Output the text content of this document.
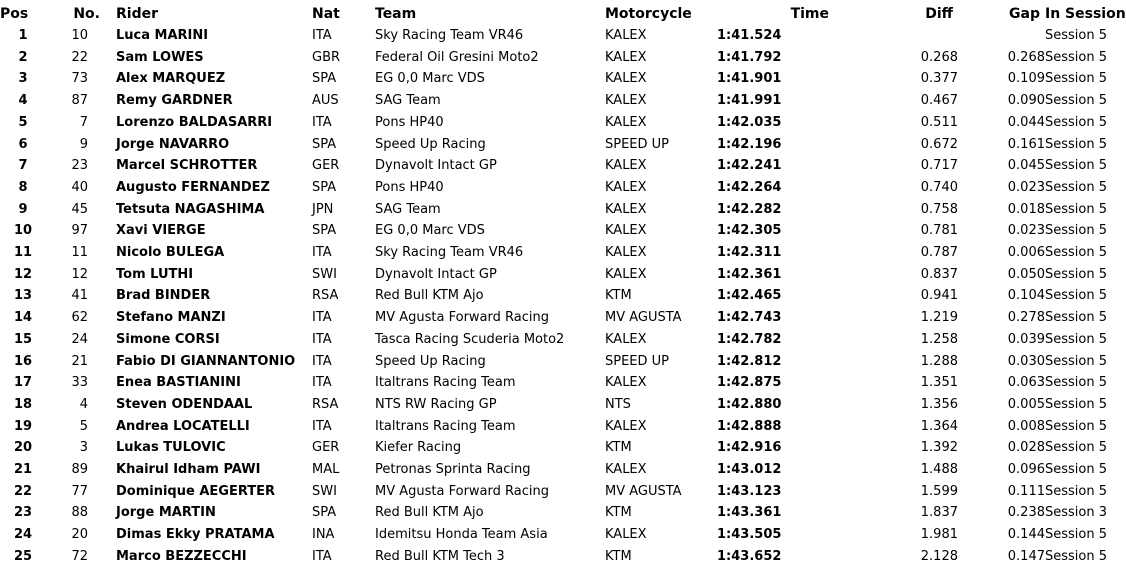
Pos	No.	Rider	Nat	Team	Motorcycle	Time	Diff	Gap	In Session
1	10	Luca MARINI	ITA	Sky Racing Team VR46	KALEX	1:41.524			Session 5
2	22	Sam LOWES	GBR	Federal Oil Gresini Moto2	KALEX	1:41.792	0.268	0.268	Session 5
3	73	Alex MARQUEZ	SPA	EG 0,0 Marc VDS	KALEX	1:41.901	0.377	0.109	Session 5
4	87	Remy GARDNER	AUS	SAG Team	KALEX	1:41.991	0.467	0.090	Session 5
5	7	Lorenzo BALDASARRI	ITA	Pons HP40	KALEX	1:42.035	0.511	0.044	Session 5
6	9	Jorge NAVARRO	SPA	Speed Up Racing	SPEED UP	1:42.196	0.672	0.161	Session 5
7	23	Marcel SCHROTTER	GER	Dynavolt Intact GP	KALEX	1:42.241	0.717	0.045	Session 5
8	40	Augusto FERNANDEZ	SPA	Pons HP40	KALEX	1:42.264	0.740	0.023	Session 5
9	45	Tetsuta NAGASHIMA	JPN	SAG Team	KALEX	1:42.282	0.758	0.018	Session 5
10	97	Xavi VIERGE	SPA	EG 0,0 Marc VDS	KALEX	1:42.305	0.781	0.023	Session 5
11	11	Nicolo BULEGA	ITA	Sky Racing Team VR46	KALEX	1:42.311	0.787	0.006	Session 5
12	12	Tom LUTHI	SWI	Dynavolt Intact GP	KALEX	1:42.361	0.837	0.050	Session 5
13	41	Brad BINDER	RSA	Red Bull KTM Ajo	KTM	1:42.465	0.941	0.104	Session 5
14	62	Stefano MANZI	ITA	MV Agusta Forward Racing	MV AGUSTA	1:42.743	1.219	0.278	Session 5
15	24	Simone CORSI	ITA	Tasca Racing Scuderia Moto2	KALEX	1:42.782	1.258	0.039	Session 5
16	21	Fabio DI GIANNANTONIO	ITA	Speed Up Racing	SPEED UP	1:42.812	1.288	0.030	Session 5
17	33	Enea BASTIANINI	ITA	Italtrans Racing Team	KALEX	1:42.875	1.351	0.063	Session 5
18	4	Steven ODENDAAL	RSA	NTS RW Racing GP	NTS	1:42.880	1.356	0.005	Session 5
19	5	Andrea LOCATELLI	ITA	Italtrans Racing Team	KALEX	1:42.888	1.364	0.008	Session 5
20	3	Lukas TULOVIC	GER	Kiefer Racing	KTM	1:42.916	1.392	0.028	Session 5
21	89	Khairul Idham PAWI	MAL	Petronas Sprinta Racing	KALEX	1:43.012	1.488	0.096	Session 5
22	77	Dominique AEGERTER	SWI	MV Agusta Forward Racing	MV AGUSTA	1:43.123	1.599	0.111	Session 5
23	88	Jorge MARTIN	SPA	Red Bull KTM Ajo	KTM	1:43.361	1.837	0.238	Session 3
24	20	Dimas Ekky PRATAMA	INA	Idemitsu Honda Team Asia	KALEX	1:43.505	1.981	0.144	Session 5
25	72	Marco BEZZECCHI	ITA	Red Bull KTM Tech 3	KTM	1:43.652	2.128	0.147	Session 5
